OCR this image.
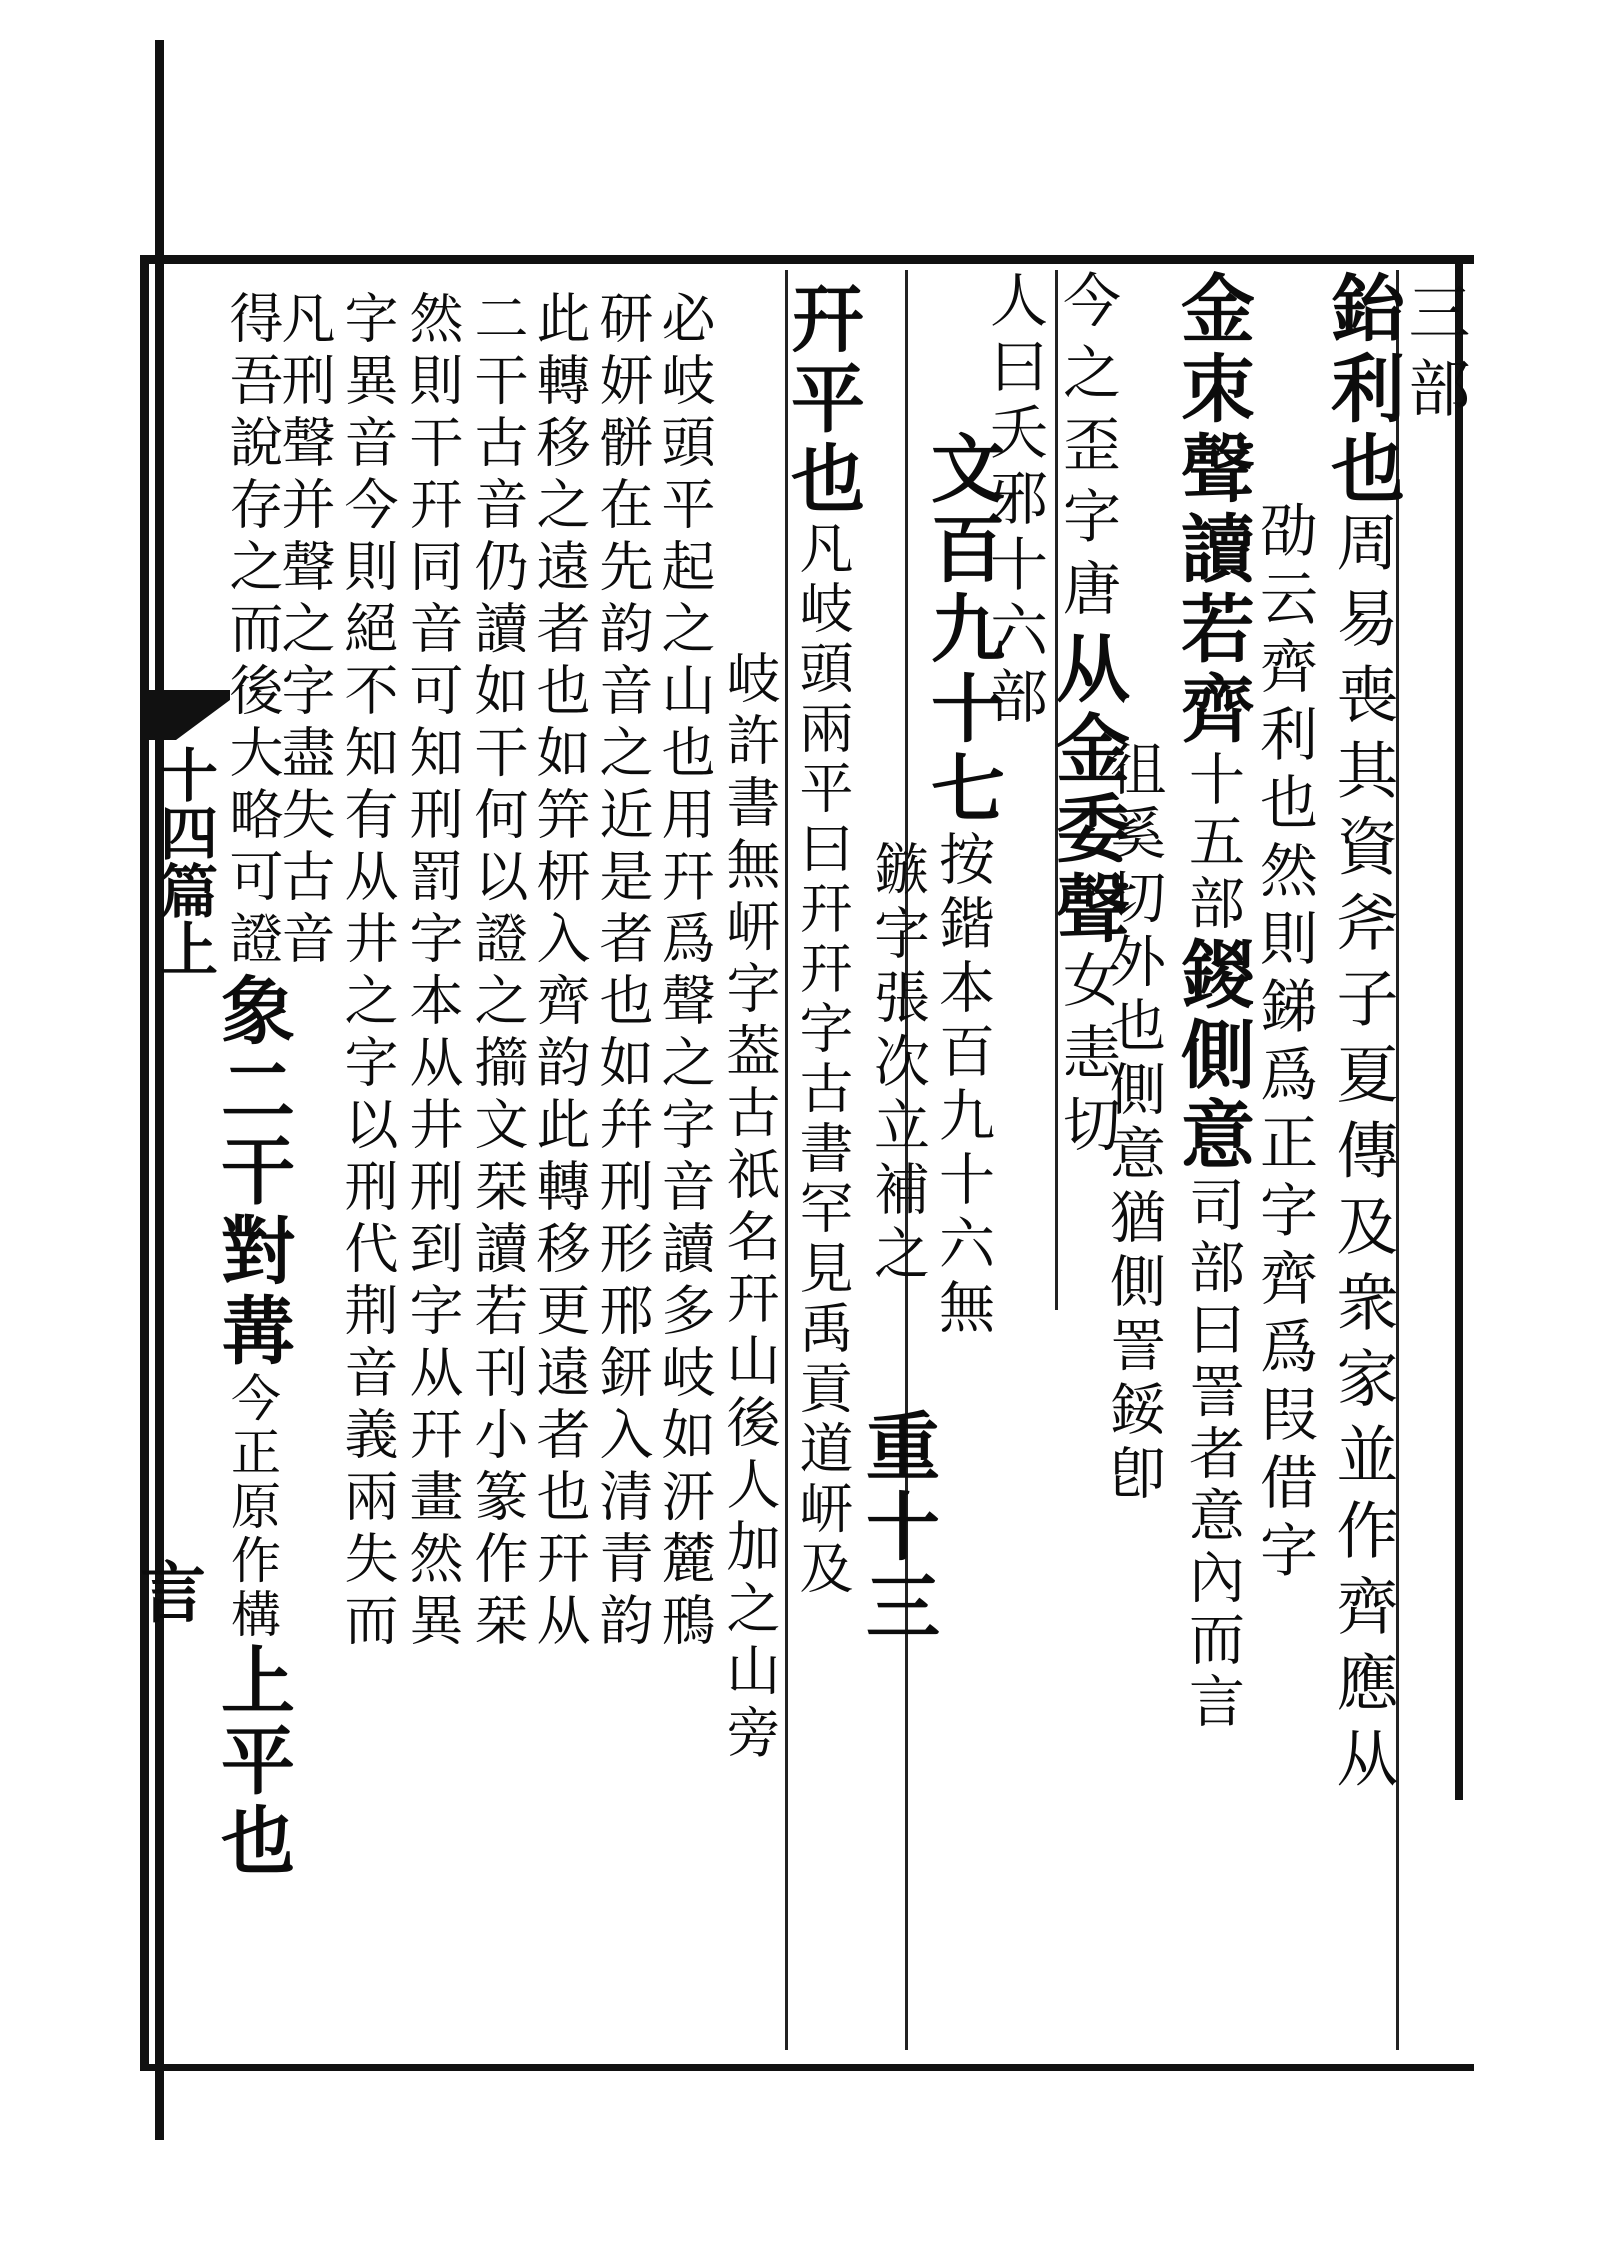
十四篇上
言
三部
鈶利也周易喪其資斧子夏傳及衆家並作齊應从
劭云齊利也然則銻爲正字齊爲叚借字
金朿聲讀若齊十五部鍐側意司部曰詈者意內而言
徂奚切外也側意猶側詈鋖卽
今之歪字唐从金委聲女恚切
人曰夭邪十六部
文百九十七按鍇本百九十六無
鏃字張次立補之重十三
幵平也凡岐頭兩平曰幵幵字古書罕見禹貢道岍及
岐許書無岍字葢古祇名幵山後人加之山旁
必岐頭平起之山也用幵爲聲之字音讀多岐如汧麓鳽
研妍骿在先韵音之近是者也如幷刑形邢鈃入清青韵
此轉移之遠者也如笄枅入齊韵此轉移更遠者也幵从
二干古音仍讀如干何以證之擶文栞讀若刊小篆作栞
然則干幵同音可知刑罰字本从井刑到字从幵畫然異
字異音今則絕不知有从井之字以刑代荆音義兩失而
凡刑聲并聲之字盡失古音
得吾說存之而後大略可證象二干對冓今正原作構上平也
